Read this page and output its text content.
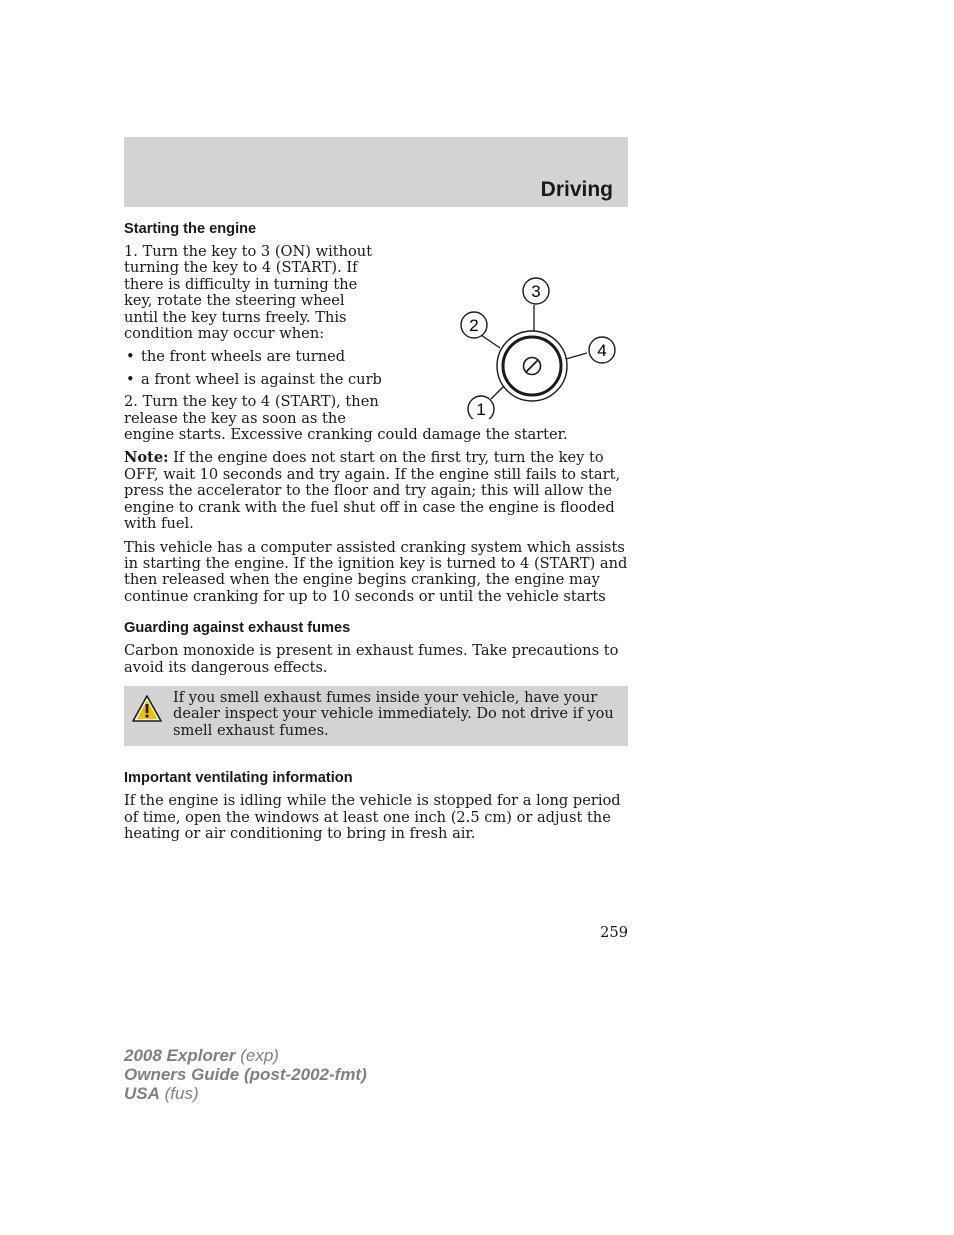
Driving
Starting the engine
1
2
3
4

1. Turn the key to 3 (ON) without turning the key to 4 (START). If there is difficulty in turning the key, rotate the steering wheel until the key turns freely. This condition may occur when:

• the front wheels are turned
• a front wheel is against the curb

2. Turn the key to 4 (START), then release the key as soon as the engine starts. Excessive cranking could damage the starter.

Note: If the engine does not start on the first try, turn the key to OFF, wait 10 seconds and try again. If the engine still fails to start, press the accelerator to the floor and try again; this will allow the engine to crank with the fuel shut off in case the engine is flooded with fuel.

This vehicle has a computer assisted cranking system which assists in starting the engine. If the ignition key is turned to 4 (START) and then released when the engine begins cranking, the engine may continue cranking for up to 10 seconds or until the vehicle starts

Guarding against exhaust fumes

Carbon monoxide is present in exhaust fumes. Take precautions to avoid its dangerous effects.

If you smell exhaust fumes inside your vehicle, have your dealer inspect your vehicle immediately. Do not drive if you smell exhaust fumes.
Important ventilating information

If the engine is idling while the vehicle is stopped for a long period of time, open the windows at least one inch (2.5 cm) or adjust the heating or air conditioning to bring in fresh air.

259
2008 Explorer (exp)
Owners Guide (post-2002-fmt)
USA (fus)
